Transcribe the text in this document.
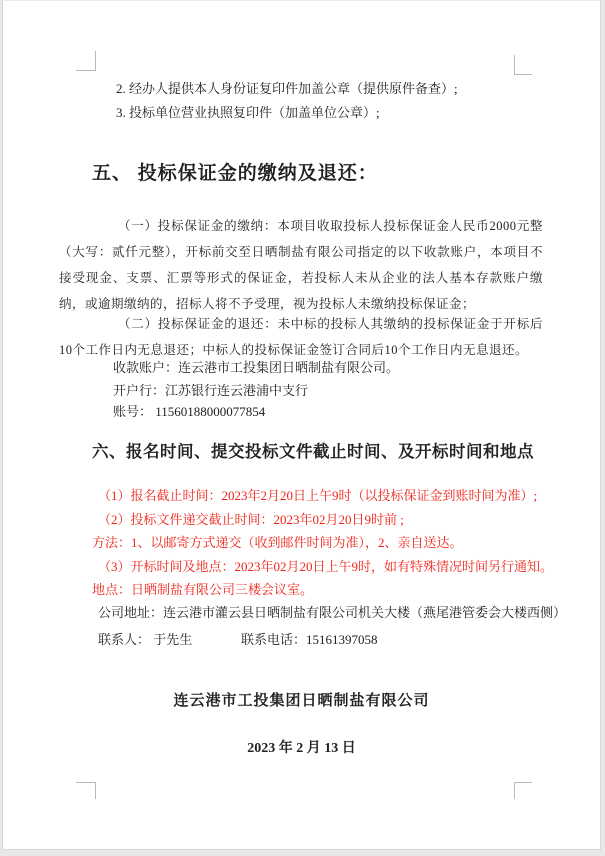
2. 经办人提供本人身份证复印件加盖公章（提供原件备查）;
3. 投标单位营业执照复印件（加盖单位公章）;
五、 投标保证金的缴纳及退还：
（一）投标保证金的缴纳：本项目收取投标人投标保证金人民币2000元整（大写：贰仟元整），开标前交至日晒制盐有限公司指定的以下收款账户，本项目不接受现金、支票、汇票等形式的保证金，若投标人未从企业的法人基本存款账户缴纳，或逾期缴纳的，招标人将不予受理，视为投标人未缴纳投标保证金；
（二）投标保证金的退还：未中标的投标人其缴纳的投标保证金于开标后10个工作日内无息退还；中标人的投标保证金签订合同后10个工作日内无息退还。
收款账户：连云港市工投集团日晒制盐有限公司。
开户行：江苏银行连云港浦中支行
账号： 11560188000077854
六、报名时间、提交投标文件截止时间、及开标时间和地点
（1）报名截止时间：2023年2月20日上午9时（以投标保证金到账时间为准）;
（2）投标文件递交截止时间：2023年02月20日9时前 ;
方法：1、以邮寄方式递交（收到邮件时间为准），2、亲自送达。
（3）开标时间及地点：2023年02月20日上午9时，如有特殊情况时间另行通知。
地点：日晒制盐有限公司三楼会议室。
公司地址：连云港市灌云县日晒制盐有限公司机关大楼（燕尾港管委会大楼西侧）
联系人： 于先生	联系电话：15161397058
连云港市工投集团日晒制盐有限公司
2023 年 2 月 13 日
